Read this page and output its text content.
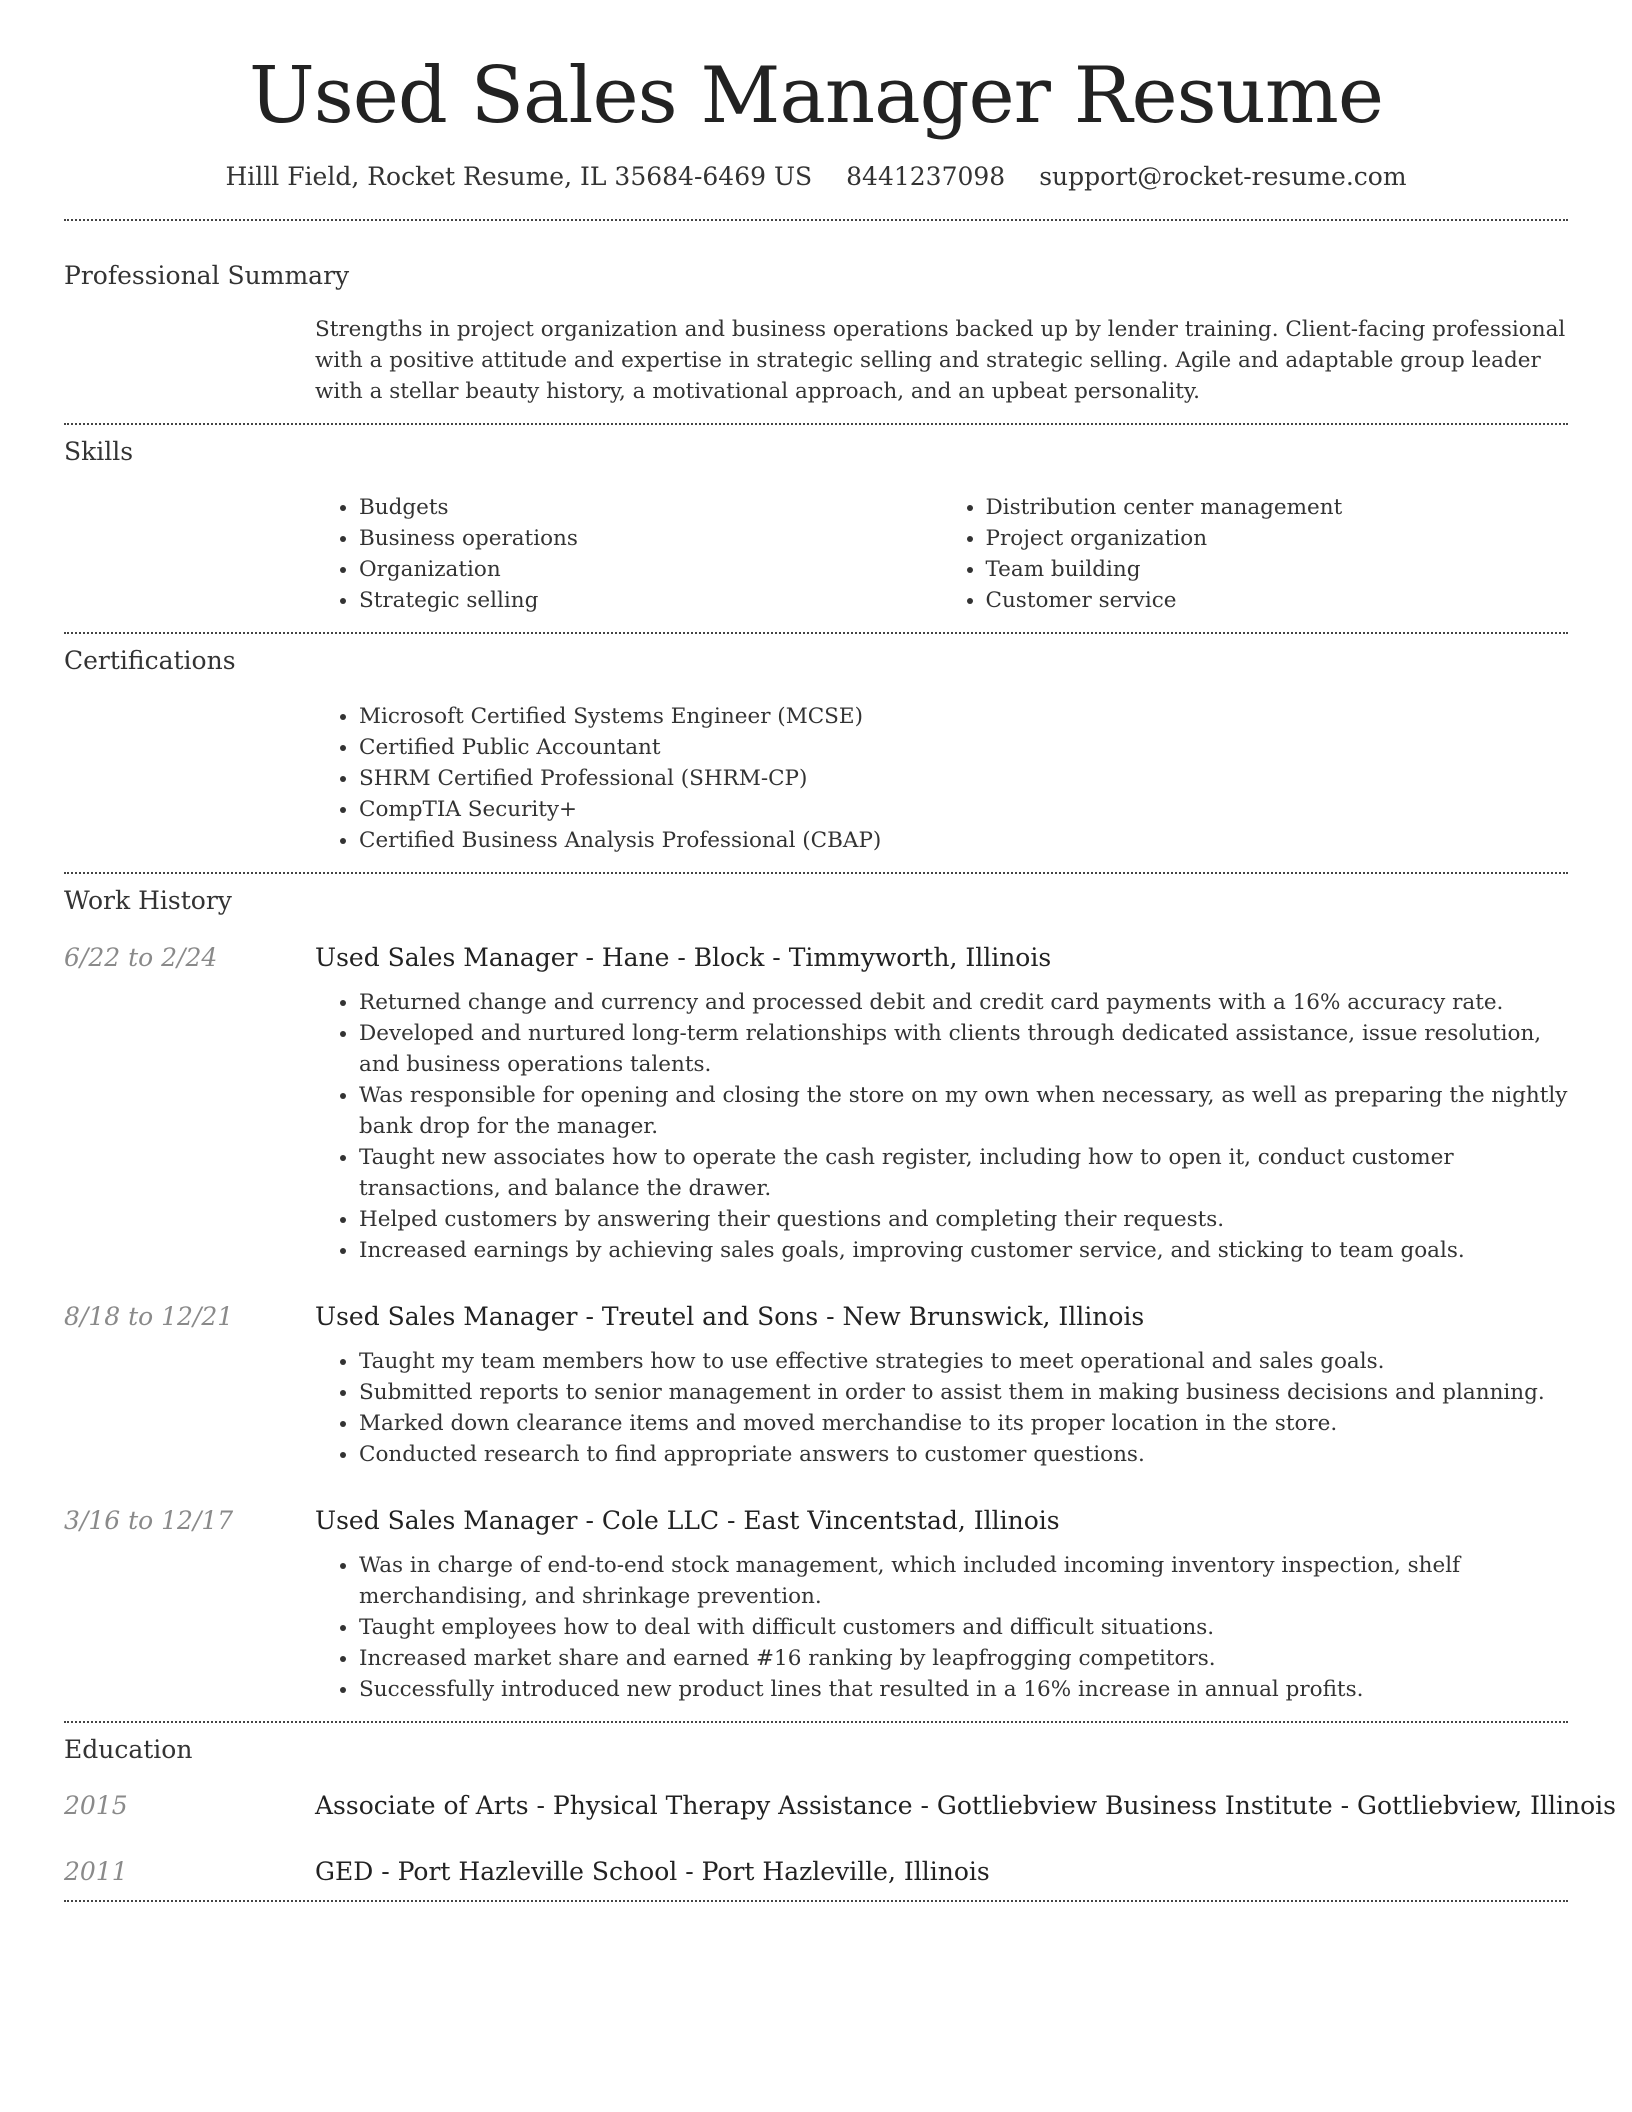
Used Sales Manager Resume
Hilll Field, Rocket Resume, IL 35684-6469 US 8441237098 support@rocket-resume.com
Professional Summary

Strengths in project organization and business operations backed up by lender training. Client-facing professional with a positive attitude and expertise in strategic selling and strategic selling. Agile and adaptable group leader with a stellar beauty history, a motivational approach, and an upbeat personality.

Skills
• Budgets
• Business operations
• Organization
• Strategic selling
• Distribution center management
• Project organization
• Team building
• Customer service
Certifications
• Microsoft Certified Systems Engineer (MCSE)
• Certified Public Accountant
• SHRM Certified Professional (SHRM-CP)
• CompTIA Security+
• Certified Business Analysis Professional (CBAP)
Work History
6/22 to 2/24	Used Sales Manager - Hane - Block - Timmyworth, Illinois
• Returned change and currency and processed debit and credit card payments with a 16% accuracy rate.
• Developed and nurtured long-term relationships with clients through dedicated assistance, issue resolution, and business operations talents.
• Was responsible for opening and closing the store on my own when necessary, as well as preparing the nightly bank drop for the manager.
• Taught new associates how to operate the cash register, including how to open it, conduct customer transactions, and balance the drawer.
• Helped customers by answering their questions and completing their requests.
• Increased earnings by achieving sales goals, improving customer service, and sticking to team goals.
8/18 to 12/21	Used Sales Manager - Treutel and Sons - New Brunswick, Illinois
• Taught my team members how to use effective strategies to meet operational and sales goals.
• Submitted reports to senior management in order to assist them in making business decisions and planning.
• Marked down clearance items and moved merchandise to its proper location in the store.
• Conducted research to find appropriate answers to customer questions.
3/16 to 12/17	Used Sales Manager - Cole LLC - East Vincentstad, Illinois
• Was in charge of end-to-end stock management, which included incoming inventory inspection, shelf merchandising, and shrinkage prevention.
• Taught employees how to deal with difficult customers and difficult situations.
• Increased market share and earned #16 ranking by leapfrogging competitors.
• Successfully introduced new product lines that resulted in a 16% increase in annual profits.
Education
2015	Associate of Arts - Physical Therapy Assistance - Gottliebview Business Institute - Gottliebview, Illinois
2011	GED - Port Hazleville School - Port Hazleville, Illinois
